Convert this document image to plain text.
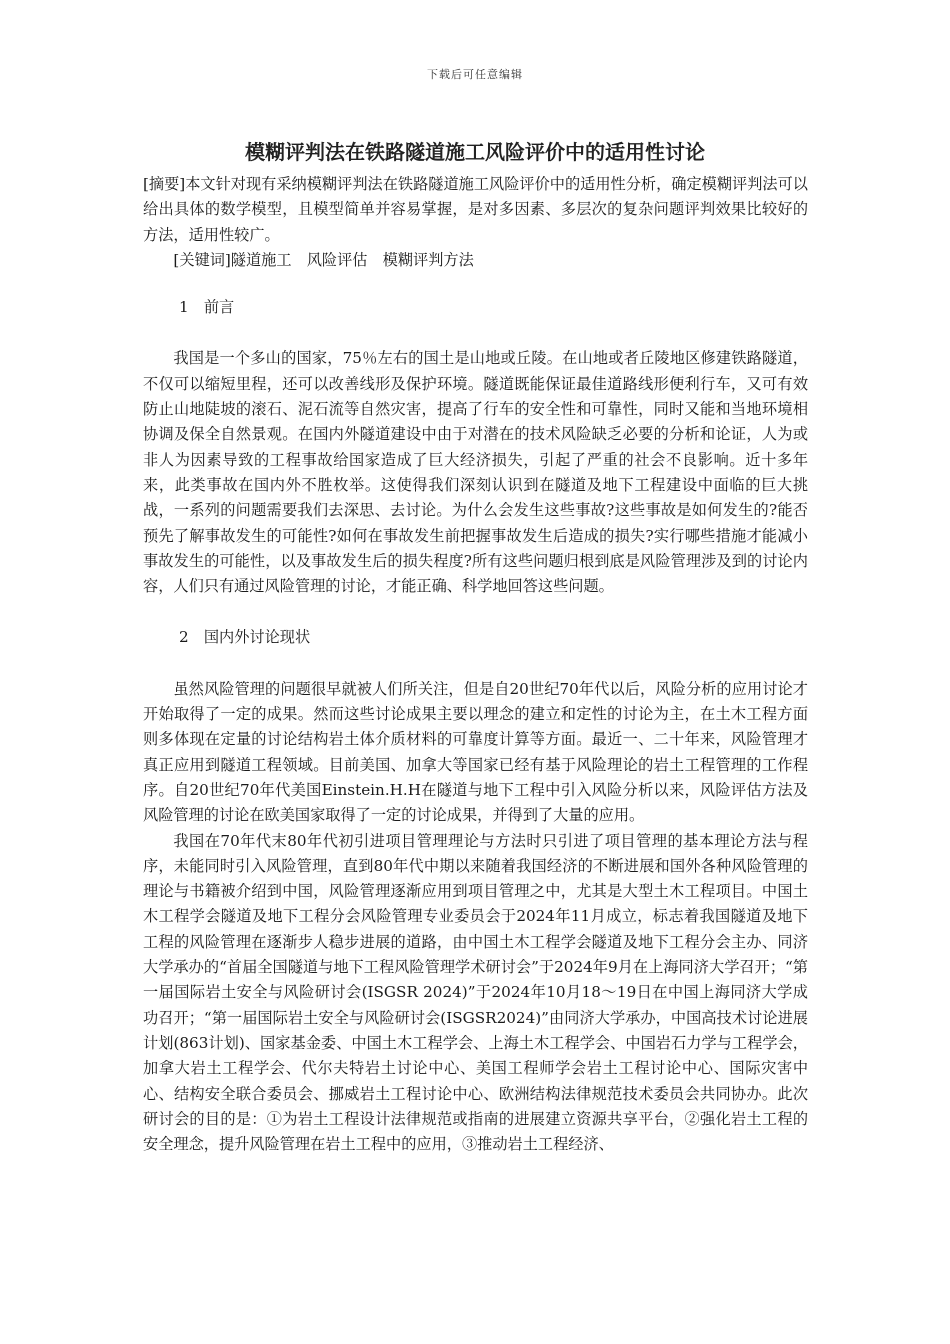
下载后可任意编辑
模糊评判法在铁路隧道施工风险评价中的适用性讨论

[摘要]本文针对现有采纳模糊评判法在铁路隧道施工风险评价中的适用性分析，确定模糊评判法可以给出具体的数学模型，且模型简单并容易掌握，是对多因素、多层次的复杂问题评判效果比较好的方法，适用性较广。

[关键词]隧道施工　风险评估　模糊评判方法

1　前言

我国是一个多山的国家，75％左右的国土是山地或丘陵。在山地或者丘陵地区修建铁路隧道，不仅可以缩短里程，还可以改善线形及保护环境。隧道既能保证最佳道路线形便利行车，又可有效防止山地陡坡的滚石、泥石流等自然灾害，提高了行车的安全性和可靠性，同时又能和当地环境相协调及保全自然景观。在国内外隧道建设中由于对潜在的技术风险缺乏必要的分析和论证，人为或非人为因素导致的工程事故给国家造成了巨大经济损失，引起了严重的社会不良影响。近十多年来，此类事故在国内外不胜枚举。这使得我们深刻认识到在隧道及地下工程建设中面临的巨大挑战，一系列的问题需要我们去深思、去讨论。为什么会发生这些事故?这些事故是如何发生的?能否预先了解事故发生的可能性?如何在事故发生前把握事故发生后造成的损失?实行哪些措施才能减小事故发生的可能性，以及事故发生后的损失程度?所有这些问题归根到底是风险管理涉及到的讨论内容，人们只有通过风险管理的讨论，才能正确、科学地回答这些问题。

2　国内外讨论现状

虽然风险管理的问题很早就被人们所关注，但是自20世纪70年代以后，风险分析的应用讨论才开始取得了一定的成果。然而这些讨论成果主要以理念的建立和定性的讨论为主，在土木工程方面则多体现在定量的讨论结构岩土体介质材料的可靠度计算等方面。最近一、二十年来，风险管理才真正应用到隧道工程领域。目前美国、加拿大等国家已经有基于风险理论的岩土工程管理的工作程序。自20世纪70年代美国Einstein.H.H在隧道与地下工程中引入风险分析以来，风险评估方法及风险管理的讨论在欧美国家取得了一定的讨论成果，并得到了大量的应用。

我国在70年代末80年代初引进项目管理理论与方法时只引进了项目管理的基本理论方法与程序，未能同时引入风险管理，直到80年代中期以来随着我国经济的不断进展和国外各种风险管理的理论与书籍被介绍到中国，风险管理逐渐应用到项目管理之中，尤其是大型土木工程项目。中国土木工程学会隧道及地下工程分会风险管理专业委员会于2024年11月成立，标志着我国隧道及地下工程的风险管理在逐渐步人稳步进展的道路，由中国土木工程学会隧道及地下工程分会主办、同济大学承办的“首届全国隧道与地下工程风险管理学术研讨会”于2024年9月在上海同济大学召开；“第一届国际岩土安全与风险研讨会(ISGSR 2024)”于2024年10月18～19日在中国上海同济大学成功召开；“第一届国际岩土安全与风险研讨会(ISGSR2024)”由同济大学承办，中国高技术讨论进展计划(863计划)、国家基金委、中国土木工程学会、上海土木工程学会、中国岩石力学与工程学会，加拿大岩土工程学会、代尔夫特岩土讨论中心、美国工程师学会岩土工程讨论中心、国际灾害中心、结构安全联合委员会、挪威岩土工程讨论中心、欧洲结构法律规范技术委员会共同协办。此次研讨会的目的是：①为岩土工程设计法律规范或指南的进展建立资源共享平台，②强化岩土工程的安全理念，提升风险管理在岩土工程中的应用，③推动岩土工程经济、
